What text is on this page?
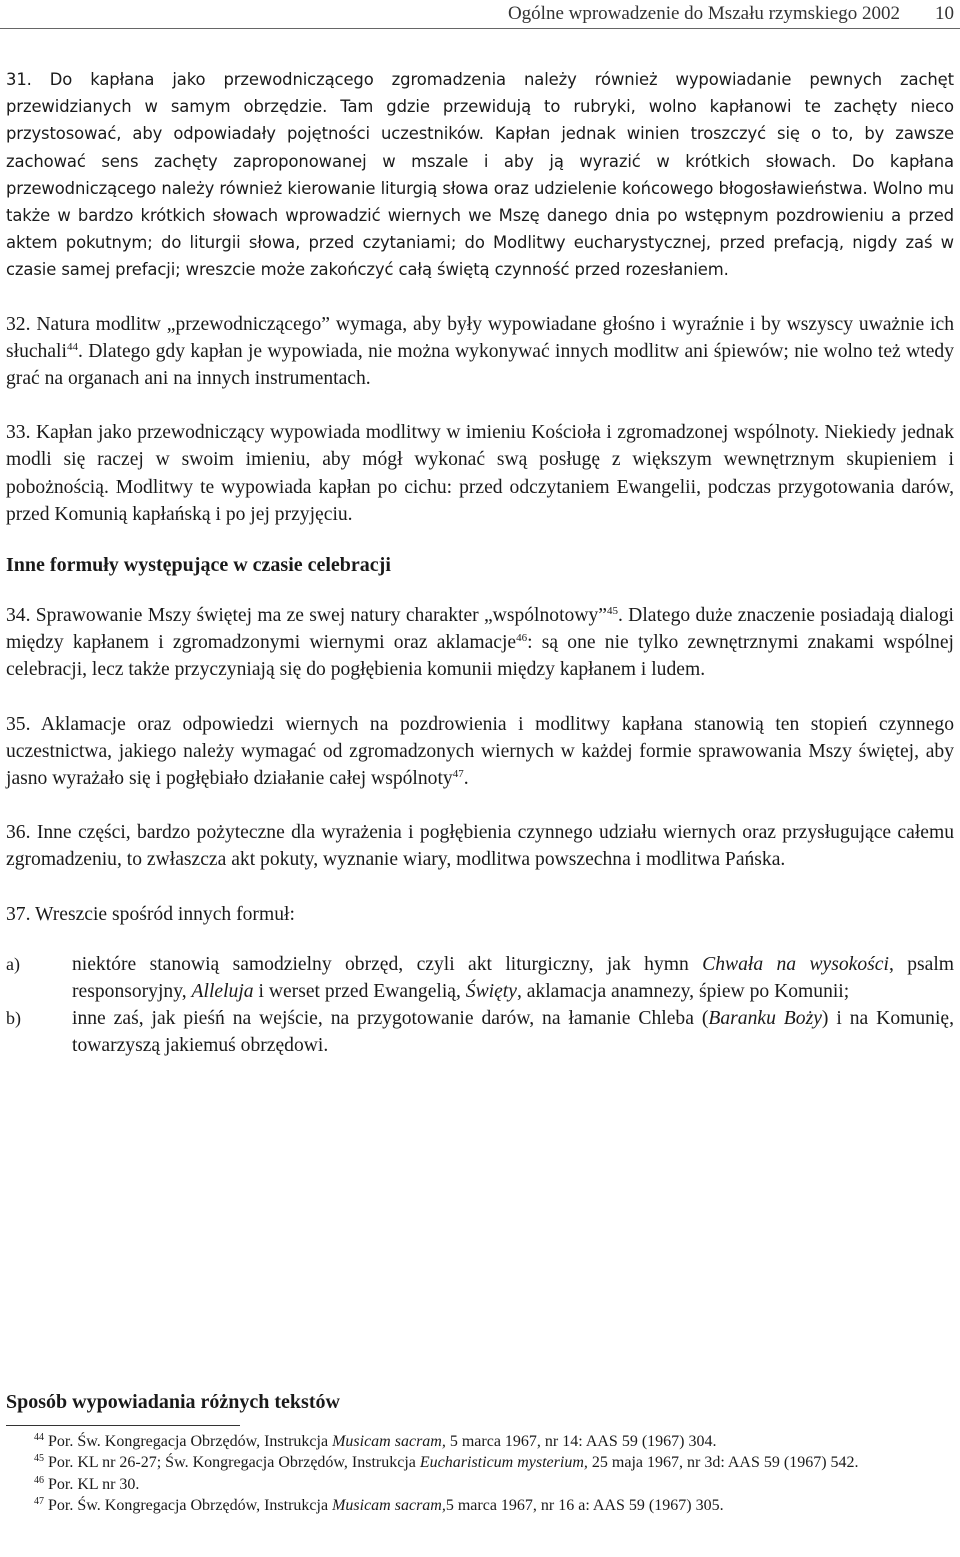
Ogólne wprowadzenie do Mszału rzymskiego 2002 10

31. Do kapłana jako przewodniczącego zgromadzenia należy również wypowiadanie pewnych zachęt przewidzianych w samym obrzędzie. Tam gdzie przewidują to rubryki, wolno kapłanowi te zachęty nieco przystosować, aby odpowiadały pojętności uczestników. Kapłan jednak winien troszczyć się o to, by zawsze zachować sens zachęty zaproponowanej w mszale i aby ją wyrazić w krótkich słowach. Do kapłana przewodniczącego należy również kierowanie liturgią słowa oraz udzielenie końcowego błogosławieństwa. Wolno mu także w bardzo krótkich słowach wprowadzić wiernych we Mszę danego dnia po wstępnym pozdrowieniu a przed aktem pokutnym; do liturgii słowa, przed czytaniami; do Modlitwy eucharystycznej, przed prefacją, nigdy zaś w czasie samej prefacji; wreszcie może zakończyć całą świętą czynność przed rozesłaniem.

32. Natura modlitw „przewodniczącego” wymaga, aby były wypowiadane głośno i wyraźnie i by wszyscy uważnie ich słuchali$^{44}$. Dlatego gdy kapłan je wypowiada, nie można wykonywać innych modlitw ani śpiewów; nie wolno też wtedy grać na organach ani na innych instrumentach.

33. Kapłan jako przewodniczący wypowiada modlitwy w imieniu Kościoła i zgromadzonej wspólnoty. Niekiedy jednak modli się raczej w swoim imieniu, aby mógł wykonać swą posługę z większym wewnętrznym skupieniem i pobożnością. Modlitwy te wypowiada kapłan po cichu: przed odczytaniem Ewangelii, podczas przygotowania darów, przed Komunią kapłańską i po jej przyjęciu.

Inne formuły występujące w czasie celebracji

34. Sprawowanie Mszy świętej ma ze swej natury charakter „wspólnotowy”$^{45}$. Dlatego duże znaczenie posiadają dialogi między kapłanem i zgromadzonymi wiernymi oraz aklamacje$^{46}$: są one nie tylko zewnętrznymi znakami wspólnej celebracji, lecz także przyczyniają się do pogłębienia komunii między kapłanem i ludem.

35. Aklamacje oraz odpowiedzi wiernych na pozdrowienia i modlitwy kapłana stanowią ten stopień czynnego uczestnictwa, jakiego należy wymagać od zgromadzonych wiernych w każdej formie sprawowania Mszy świętej, aby jasno wyrażało się i pogłębiało działanie całej wspólnoty$^{47}$.

36. Inne części, bardzo pożyteczne dla wyrażenia i pogłębienia czynnego udziału wiernych oraz przysługujące całemu zgromadzeniu, to zwłaszcza akt pokuty, wyznanie wiary, modlitwa powszechna i modlitwa Pańska.

37. Wreszcie spośród innych formuł:

a)	niektóre stanowią samodzielny obrzęd, czyli akt liturgiczny, jak hymn Chwała na wysokości, psalm responsoryjny, Alleluja i werset przed Ewangelią, Święty, aklamacja anamnezy, śpiew po Komunii;
b)	inne zaś, jak pieśń na wejście, na przygotowanie darów, na łamanie Chleba (Baranku Boży) i na Komunię, towarzyszą jakiemuś obrzędowi.
Sposób wypowiadania różnych tekstów

$^{44}$ Por. Św. Kongregacja Obrzędów, Instrukcja Musicam sacram, 5 marca 1967, nr 14: AAS 59 (1967) 304.

$^{45}$ Por. KL nr 26-27; Św. Kongregacja Obrzędów, Instrukcja Eucharisticum mysterium, 25 maja 1967, nr 3d: AAS 59 (1967) 542.

$^{46}$ Por. KL nr 30.

$^{47}$ Por. Św. Kongregacja Obrzędów, Instrukcja Musicam sacram,5 marca 1967, nr 16 a: AAS 59 (1967) 305.
